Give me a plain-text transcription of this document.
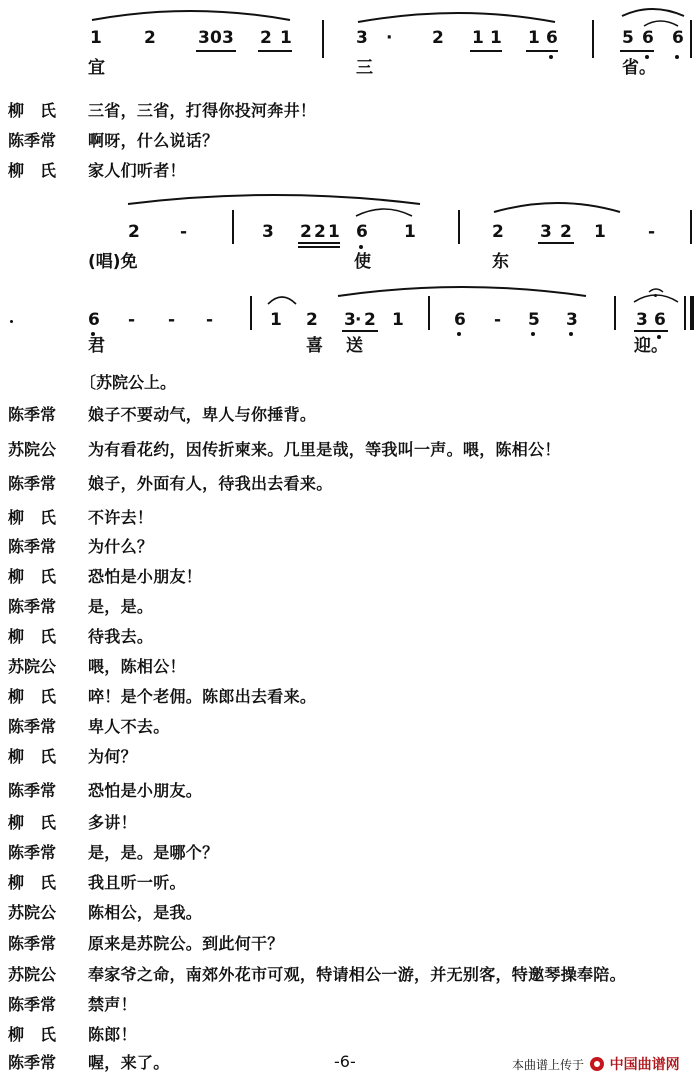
1 2 3 0 3 2 1	3 · 2 1 1 1 6	5 6 6
宜	三	省。
柳　氏	三省，三省，打得你投河奔井！
陈季常	啊呀，什么说话？
柳　氏	家人们听者！
2 -	3 2 2 1 6 1	2 3 2 1 -
(唱)免	使	东
6 - - -	1 2 3 · 2 1	6 - 5 3	3 6
君	喜 送	迎。
〔苏院公上。
陈季常	娘子不要动气，卑人与你捶背。
苏院公	为有看花约，因传折柬来。几里是哉，等我叫一声。喂，陈相公！
陈季常	娘子，外面有人，待我出去看来。
柳　氏	不许去！
陈季常	为什么？
柳　氏	恐怕是小朋友！
陈季常	是，是。
柳　氏	待我去。
苏院公	喂，陈相公！
柳　氏	啐！是个老佣。陈郎出去看来。
陈季常	卑人不去。
柳　氏	为何？
陈季常	恐怕是小朋友。
柳　氏	多讲！
陈季常	是，是。是哪个？
柳　氏	我且听一听。
苏院公	陈相公，是我。
陈季常	原来是苏院公。到此何干？
苏院公	奉家爷之命，南郊外花市可观，特请相公一游，并无别客，特邀琴操奉陪。
陈季常	禁声！
柳　氏	陈郎！
陈季常	喔，来了。	-6-	本曲谱上传于 中国曲谱网
